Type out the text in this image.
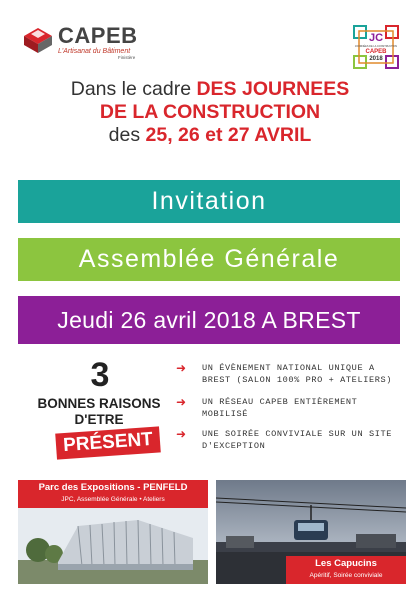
CAPEB
L'Artisanat du Bâtiment
Finistère
JC
JOURNÉES DE LA CONSTRUCTION
CAPEB
2018
Dans le cadre DES JOURNEES
DE LA CONSTRUCTION
des 25, 26 et 27 AVRIL
Invitation
Assemblée Générale
Jeudi 26 avril 2018 A BREST
3
BONNES RAISONS D'ETRE
PRÉSENT
➜	UN ÉVÈNEMENT NATIONAL UNIQUE A BREST (SALON 100% PRO + ATELIERS)
➜	UN RÉSEAU CAPEB ENTIÈREMENT MOBILISÉ
➜	UNE SOIRÉE CONVIVIALE SUR UN SITE D'EXCEPTION
Parc des Expositions - PENFELD
JPC, Assemblée Générale • Ateliers
Les Capucins
Apéritif, Soirée conviviale
